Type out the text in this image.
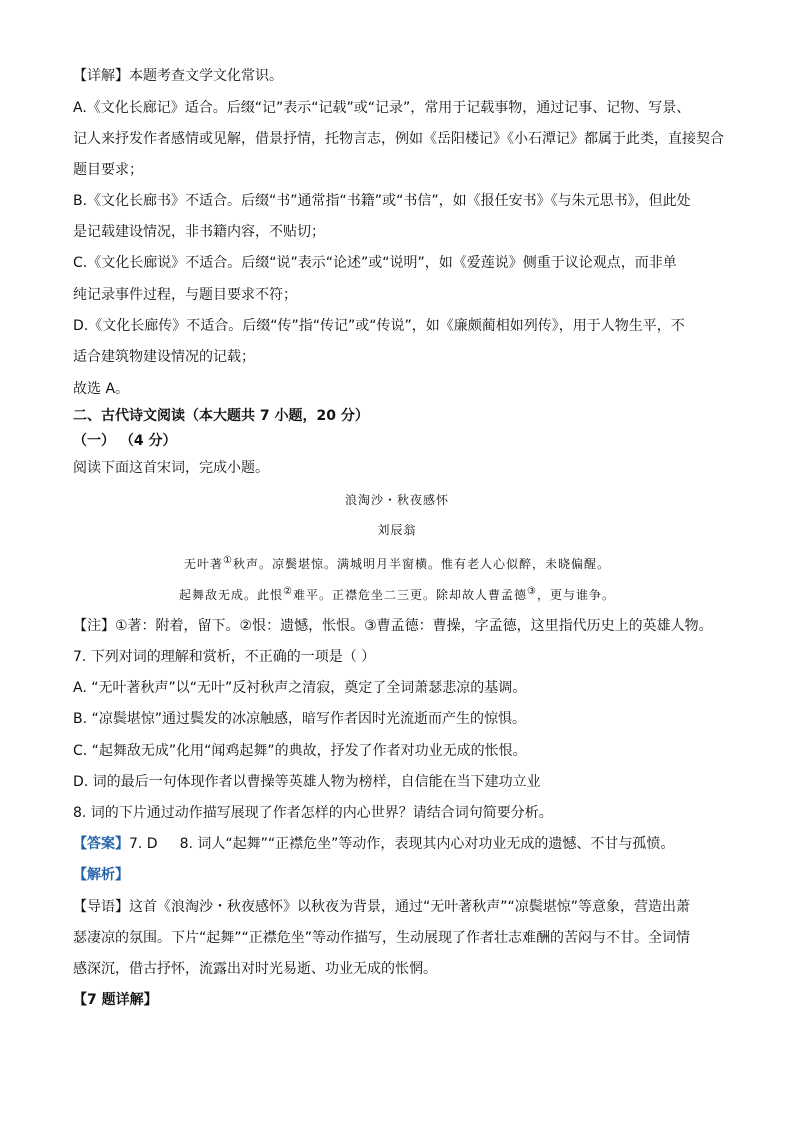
【详解】本题考查文学文化常识。
A.《文化长廊记》适合。后缀“记”表示“记载”或“记录”，常用于记载事物，通过记事、记物、写景、
记人来抒发作者感情或见解，借景抒情，托物言志，例如《岳阳楼记》《小石潭记》都属于此类，直接契合
题目要求；
B.《文化长廊书》不适合。后缀“书”通常指“书籍”或“书信”，如《报任安书》《与朱元思书》，但此处
是记载建设情况，非书籍内容，不贴切；
C.《文化长廊说》不适合。后缀“说”表示“论述”或“说明”，如《爱莲说》侧重于议论观点，而非单
纯记录事件过程，与题目要求不符；
D.《文化长廊传》不适合。后缀“传”指“传记”或“传说”，如《廉颇蔺相如列传》，用于人物生平，不
适合建筑物建设情况的记载；
故选 A。
二、古代诗文阅读（本大题共 7 小题，20 分）
（一） （4 分）
阅读下面这首宋词，完成小题。
浪淘沙・秋夜感怀
刘辰翁
无叶著①秋声。凉鬓堪惊。满城明月半窗横。惟有老人心似醉，未晓偏醒。
起舞敌无成。此恨②难平。正襟危坐二三更。除却故人曹孟德③，更与谁争。
【注】①著：附着，留下。②恨：遗憾，怅恨。③曹孟德：曹操，字孟德，这里指代历史上的英雄人物。
7. 下列对词的理解和赏析，不正确的一项是（ ）
A. “无叶著秋声”以“无叶”反衬秋声之清寂，奠定了全词萧瑟悲凉的基调。
B. “凉鬓堪惊”通过鬓发的冰凉触感，暗写作者因时光流逝而产生的惊惧。
C. “起舞敌无成”化用“闻鸡起舞”的典故，抒发了作者对功业无成的怅恨。
D. 词的最后一句体现作者以曹操等英雄人物为榜样，自信能在当下建功立业
8. 词的下片通过动作描写展现了作者怎样的内心世界？请结合词句简要分析。
【答案】7. D 8. 词人“起舞”“正襟危坐”等动作，表现其内心对功业无成的遗憾、不甘与孤愤。
【解析】
【导语】这首《浪淘沙・秋夜感怀》以秋夜为背景，通过“无叶著秋声”“凉鬓堪惊”等意象，营造出萧
瑟凄凉的氛围。下片“起舞”“正襟危坐”等动作描写，生动展现了作者壮志难酬的苦闷与不甘。全词情
感深沉，借古抒怀，流露出对时光易逝、功业无成的怅惘。
【7 题详解】
